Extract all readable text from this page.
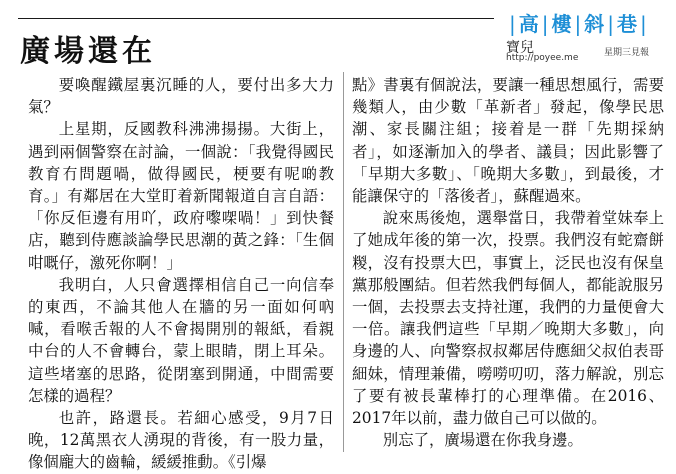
廣場還在
| 高 | 樓 | 斜 | 巷 |
寶兒	星期三見報
http://poyee.me

要喚醒鐵屋裏沉睡的人，要付出多大力氣？

上星期，反國教科沸沸揚揚。大街上，遇到兩個警察在討論，一個說：「我覺得國民教育冇問題喎，做得國民，梗要有呢啲教育。」有鄰居在大堂盯着新聞報道自言自語：「你反佢邊有用吖，政府嚟㗎喎！」到快餐店，聽到侍應談論學民思潮的黃之鋒：「生個咁嘅仔，激死你啊！」

我明白，人只會選擇相信自己一向信奉的東西，不論其他人在牆的另一面如何吶喊，看喉舌報的人不會揭開別的報紙，看親中台的人不會轉台，蒙上眼睛，閉上耳朵。這些堵塞的思路，從閉塞到開通，中間需要怎樣的過程？

也許，路還長。若細心感受，9月7日晚，12萬黑衣人湧現的背後，有一股力量，像個龐大的齒輪，緩緩推動。《引爆

點》書裏有個說法，要讓一種思想風行，需要幾類人，由少數「革新者」發起，像學民思潮、家長關注組；接着是一群「先期採納者」，如逐漸加入的學者、議員；因此影響了「早期大多數」、「晚期大多數」，到最後，才能讓保守的「落後者」，蘇醒過來。

說來馬後炮，選舉當日，我帶着堂妹奉上了她成年後的第一次，投票。我們沒有蛇齋餅糉，沒有投票大巴，事實上，泛民也沒有保皇黨那般團結。但若然我們每個人，都能說服另一個，去投票去支持社運，我們的力量便會大一倍。讓我們這些「早期／晚期大多數」，向身邊的人、向警察叔叔鄰居侍應細父叔伯表哥細妹，情理兼備，嘮嘮叨叨，落力解說，別忘了要有被長輩棒打的心理準備。在2016、2017年以前，盡力做自己可以做的。

別忘了，廣場還在你我身邊。
